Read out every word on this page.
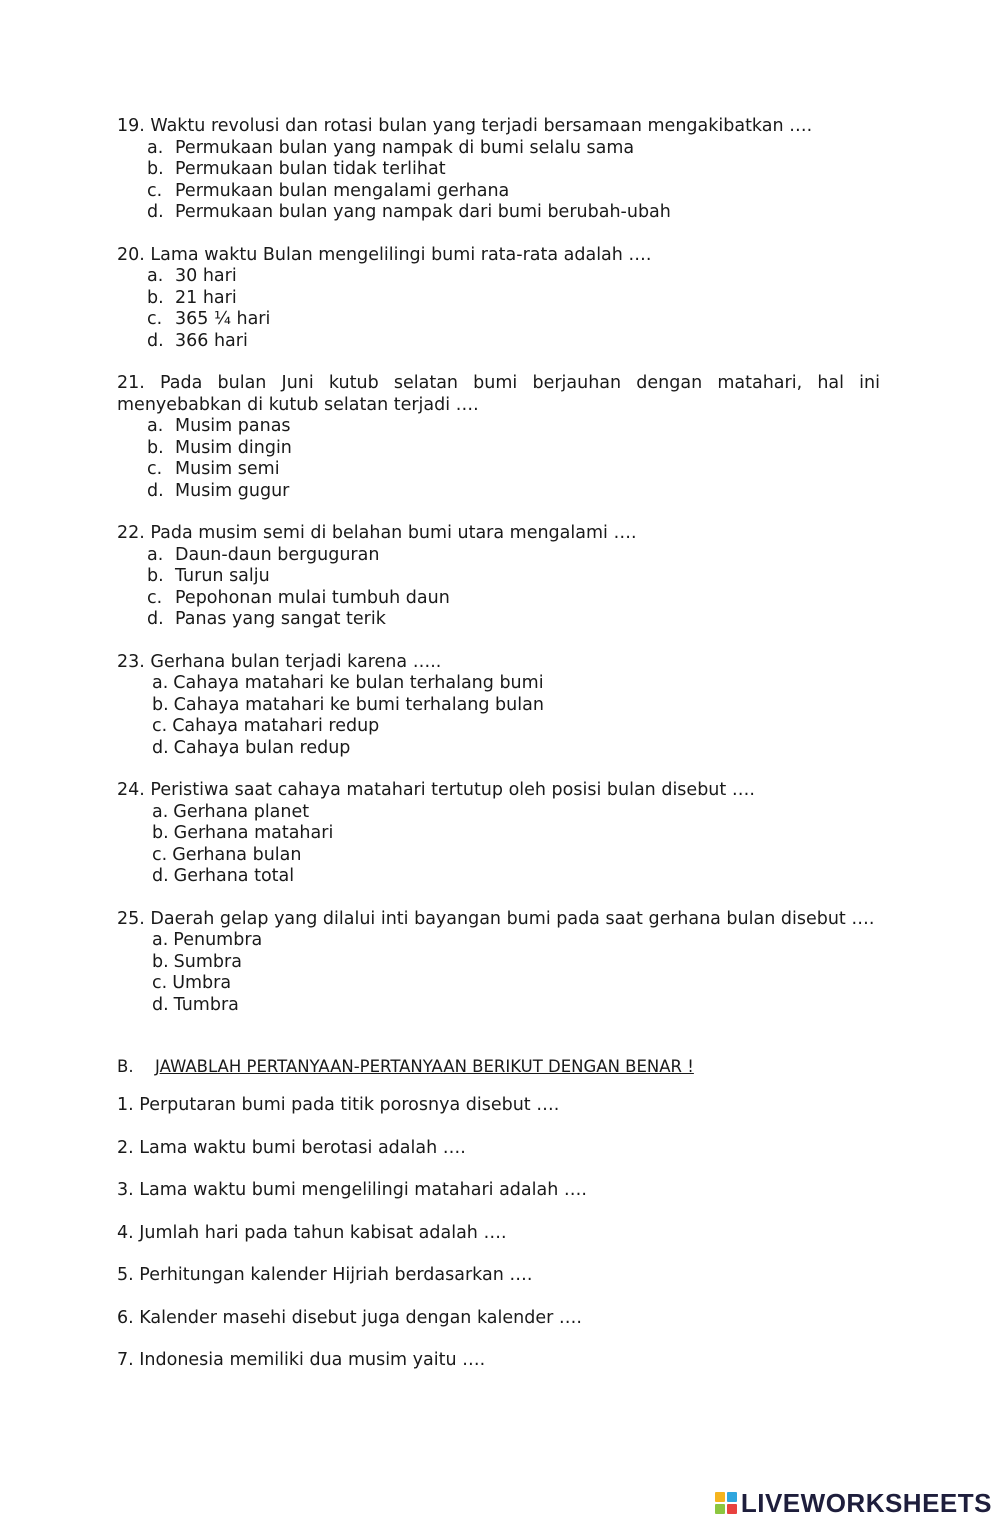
19. Waktu revolusi dan rotasi bulan yang terjadi bersamaan mengakibatkan ….
a. Permukaan bulan yang nampak di bumi selalu sama
b. Permukaan bulan tidak terlihat
c. Permukaan bulan mengalami gerhana
d. Permukaan bulan yang nampak dari bumi berubah-ubah
20. Lama waktu Bulan mengelilingi bumi rata-rata adalah ….
a. 30 hari
b. 21 hari
c. 365 ¼ hari
d. 366 hari
21. Pada bulan Juni kutub selatan bumi berjauhan dengan matahari, hal ini menyebabkan di kutub selatan terjadi ….
a. Musim panas
b. Musim dingin
c. Musim semi
d. Musim gugur
22. Pada musim semi di belahan bumi utara mengalami ….
a. Daun-daun berguguran
b. Turun salju
c. Pepohonan mulai tumbuh daun
d. Panas yang sangat terik
23. Gerhana bulan terjadi karena …..
a. Cahaya matahari ke bulan terhalang bumi
b. Cahaya matahari ke bumi terhalang bulan
c. Cahaya matahari redup
d. Cahaya bulan redup
24. Peristiwa saat cahaya matahari tertutup oleh posisi bulan disebut ….
a. Gerhana planet
b. Gerhana matahari
c. Gerhana bulan
d. Gerhana total
25. Daerah gelap yang dilalui inti bayangan bumi pada saat gerhana bulan disebut ….
a. Penumbra
b. Sumbra
c. Umbra
d. Tumbra
B. JAWABLAH PERTANYAAN-PERTANYAAN BERIKUT DENGAN BENAR !
1. Perputaran bumi pada titik porosnya disebut ….
2. Lama waktu bumi berotasi adalah ….
3. Lama waktu bumi mengelilingi matahari adalah ….
4. Jumlah hari pada tahun kabisat adalah ….
5. Perhitungan kalender Hijriah berdasarkan ….
6. Kalender masehi disebut juga dengan kalender ….
7. Indonesia memiliki dua musim yaitu ….
LIVEWORKSHEETS
